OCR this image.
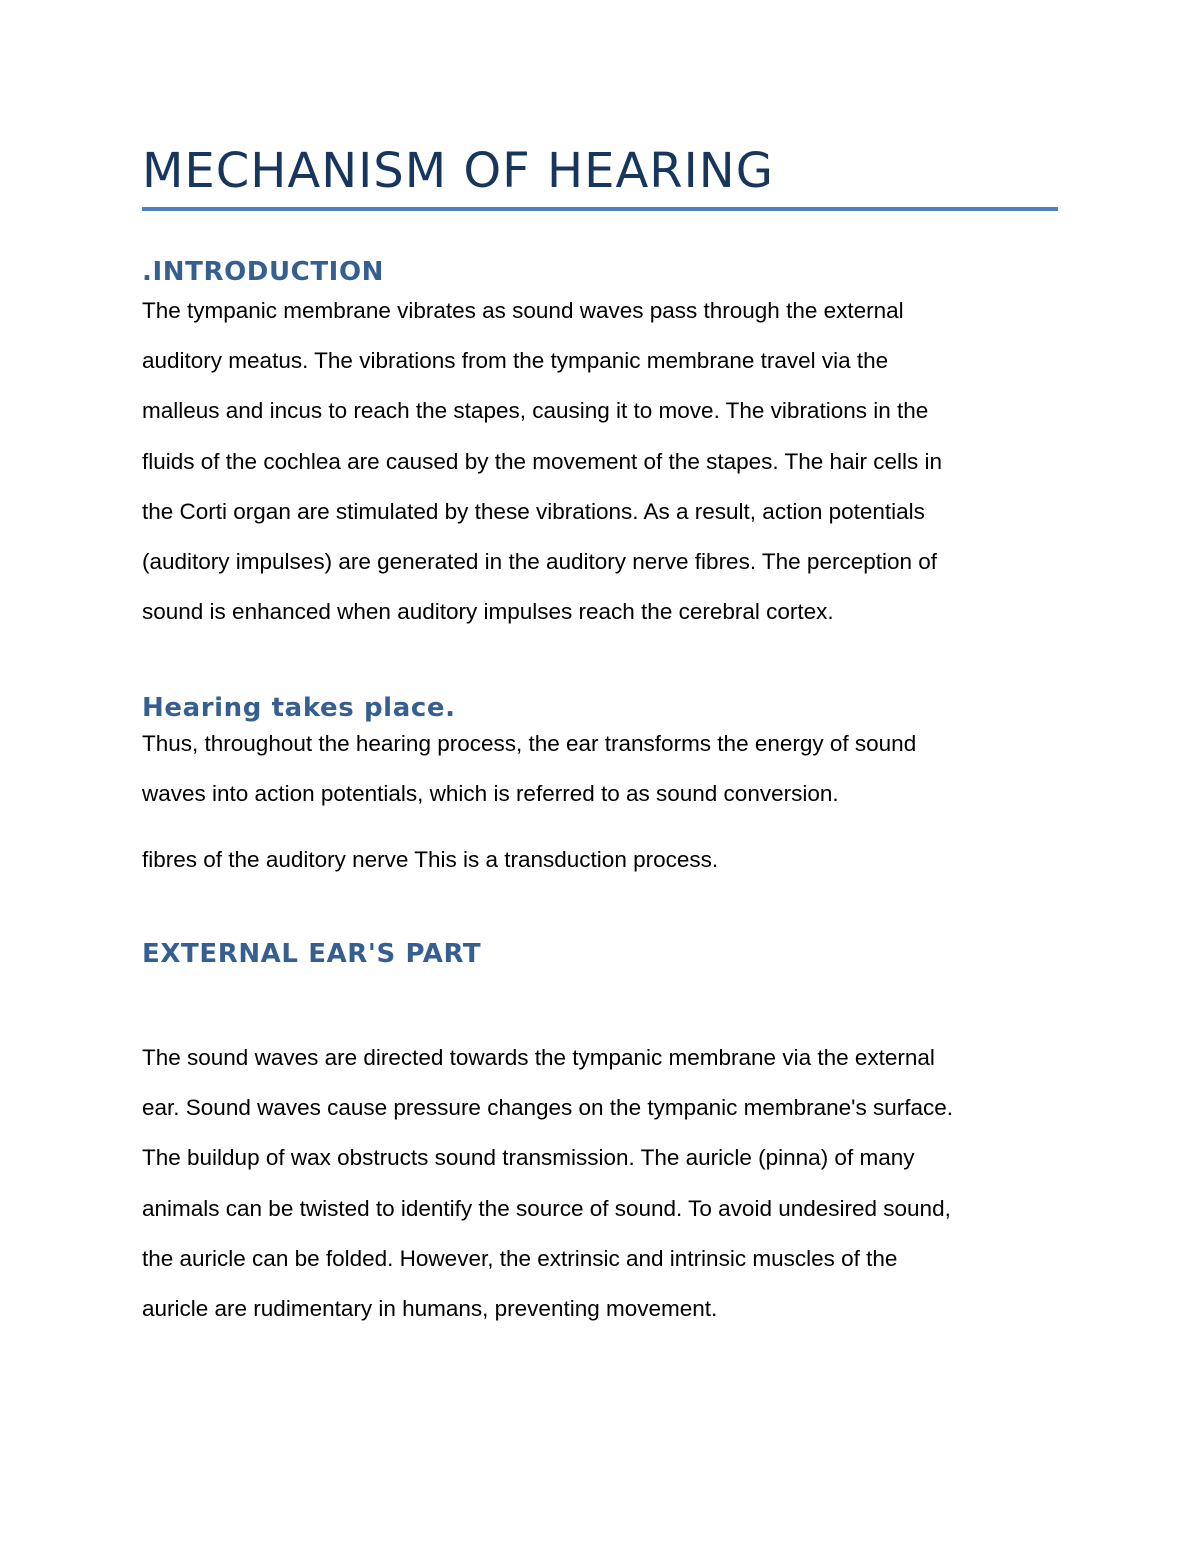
MECHANISM OF HEARING
.INTRODUCTION
The tympanic membrane vibrates as sound waves pass through the external
auditory meatus. The vibrations from the tympanic membrane travel via the
malleus and incus to reach the stapes, causing it to move. The vibrations in the
fluids of the cochlea are caused by the movement of the stapes. The hair cells in
the Corti organ are stimulated by these vibrations. As a result, action potentials
(auditory impulses) are generated in the auditory nerve fibres. The perception of
sound is enhanced when auditory impulses reach the cerebral cortex.
Hearing takes place.
Thus, throughout the hearing process, the ear transforms the energy of sound
waves into action potentials, which is referred to as sound conversion.
fibres of the auditory nerve This is a transduction process.
EXTERNAL EAR'S PART
The sound waves are directed towards the tympanic membrane via the external
ear. Sound waves cause pressure changes on the tympanic membrane's surface.
The buildup of wax obstructs sound transmission. The auricle (pinna) of many
animals can be twisted to identify the source of sound. To avoid undesired sound,
the auricle can be folded. However, the extrinsic and intrinsic muscles of the
auricle are rudimentary in humans, preventing movement.
